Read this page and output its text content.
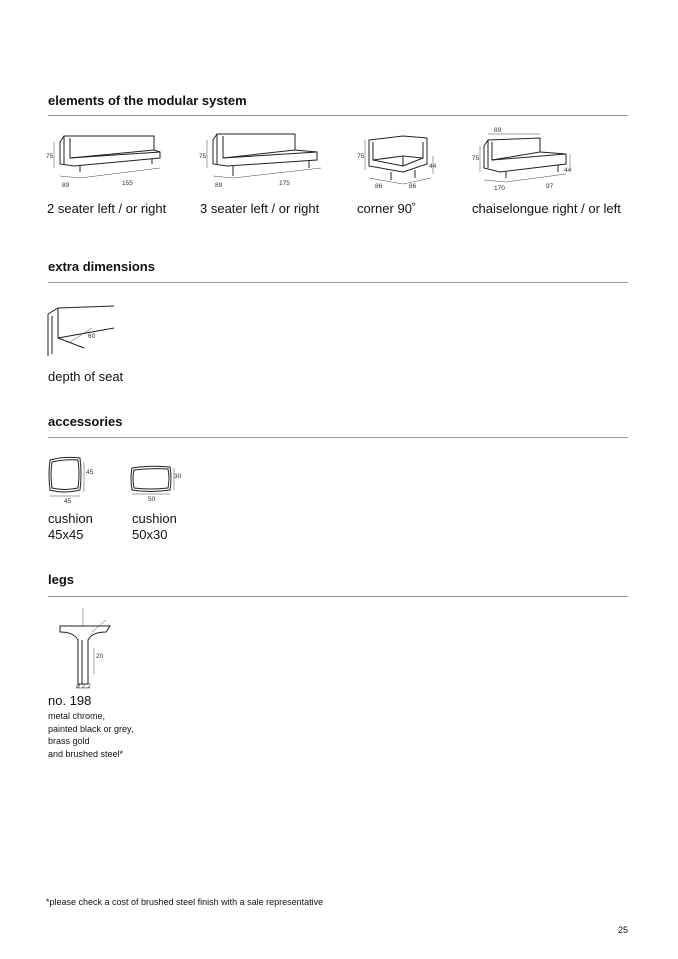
elements of the modular system
75
89	155
2 seater left / or right
75
89	175
3 seater left / or right
75
44
86	86
corner 90˚
89
75
44
170	97
chaiselongue right / or left
extra dimensions
60
depth of seat
accessories
45
45
cushion
45x45
30
50
cushion
50x30
legs
20
ø 2,2
no. 198
metal chrome,
painted black or grey,
brass gold
and brushed steel*
*please check a cost of brushed steel finish with a sale representative
25
